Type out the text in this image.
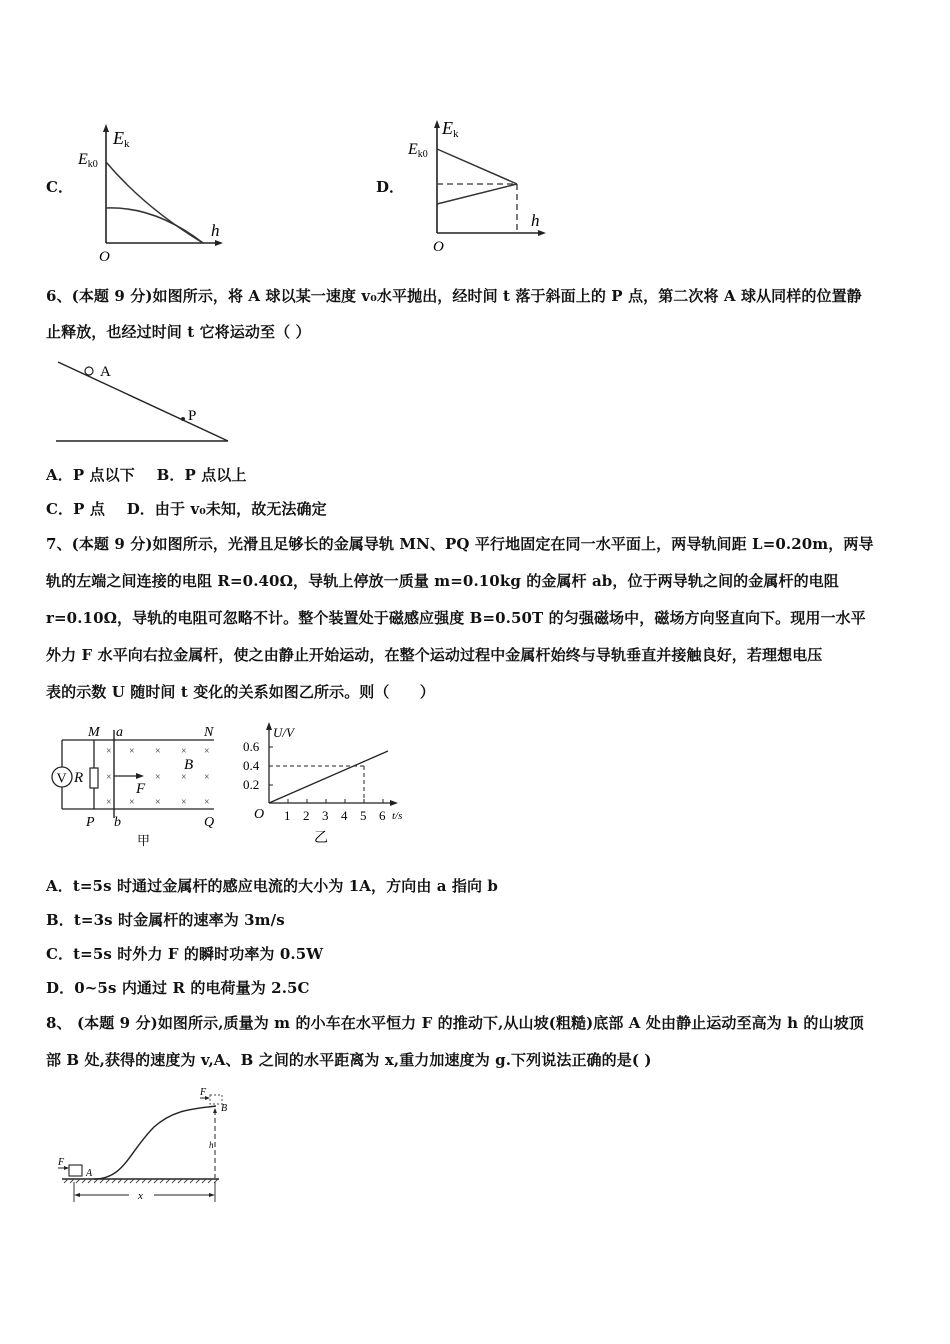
C．
Ek
Ek0
h
O
D．
Ek
Ek0
h
O
6、(本题 9 分)如图所示，将 A 球以某一速度 v₀水平抛出，经时间 t 落于斜面上的 P 点，第二次将 A 球从同样的位置静
止释放，也经过时间 t 它将运动至（ ）
A
P
A．P 点以下 B．P 点以上
C．P 点 D．由于 v₀未知，故无法确定
7、(本题 9 分)如图所示，光滑且足够长的金属导轨 MN、PQ 平行地固定在同一水平面上，两导轨间距 L=0.20m，两导
轨的左端之间连接的电阻 R=0.40Ω，导轨上停放一质量 m=0.10kg 的金属杆 ab，位于两导轨之间的金属杆的电阻
r=0.10Ω，导轨的电阻可忽略不计。整个装置处于磁感应强度 B=0.50T 的匀强磁场中，磁场方向竖直向下。现用一水平
外力 F 水平向右拉金属杆，使之由静止开始运动，在整个运动过程中金属杆始终与导轨垂直并接触良好，若理想电压
表的示数 U 随时间 t 变化的关系如图乙所示。则（　　）
V R
F
× × × × ×
×	× × ×
× × × × ×
B
M a	N
P b	Q
甲
U/V
0.6
0.4
0.2
O 1 2 3 4 5 6 t/s
乙
A．t=5s 时通过金属杆的感应电流的大小为 1A，方向由 a 指向 b
B．t=3s 时金属杆的速率为 3m/s
C．t=5s 时外力 F 的瞬时功率为 0.5W
D．0~5s 内通过 R 的电荷量为 2.5C
8、 (本题 9 分)如图所示,质量为 m 的小车在水平恒力 F 的推动下,从山坡(粗糙)底部 A 处由静止运动至高为 h 的山坡顶
部 B 处,获得的速度为 v,A、B 之间的水平距离为 x,重力加速度为 g.下列说法正确的是( )
F
A
F
B
h
x
